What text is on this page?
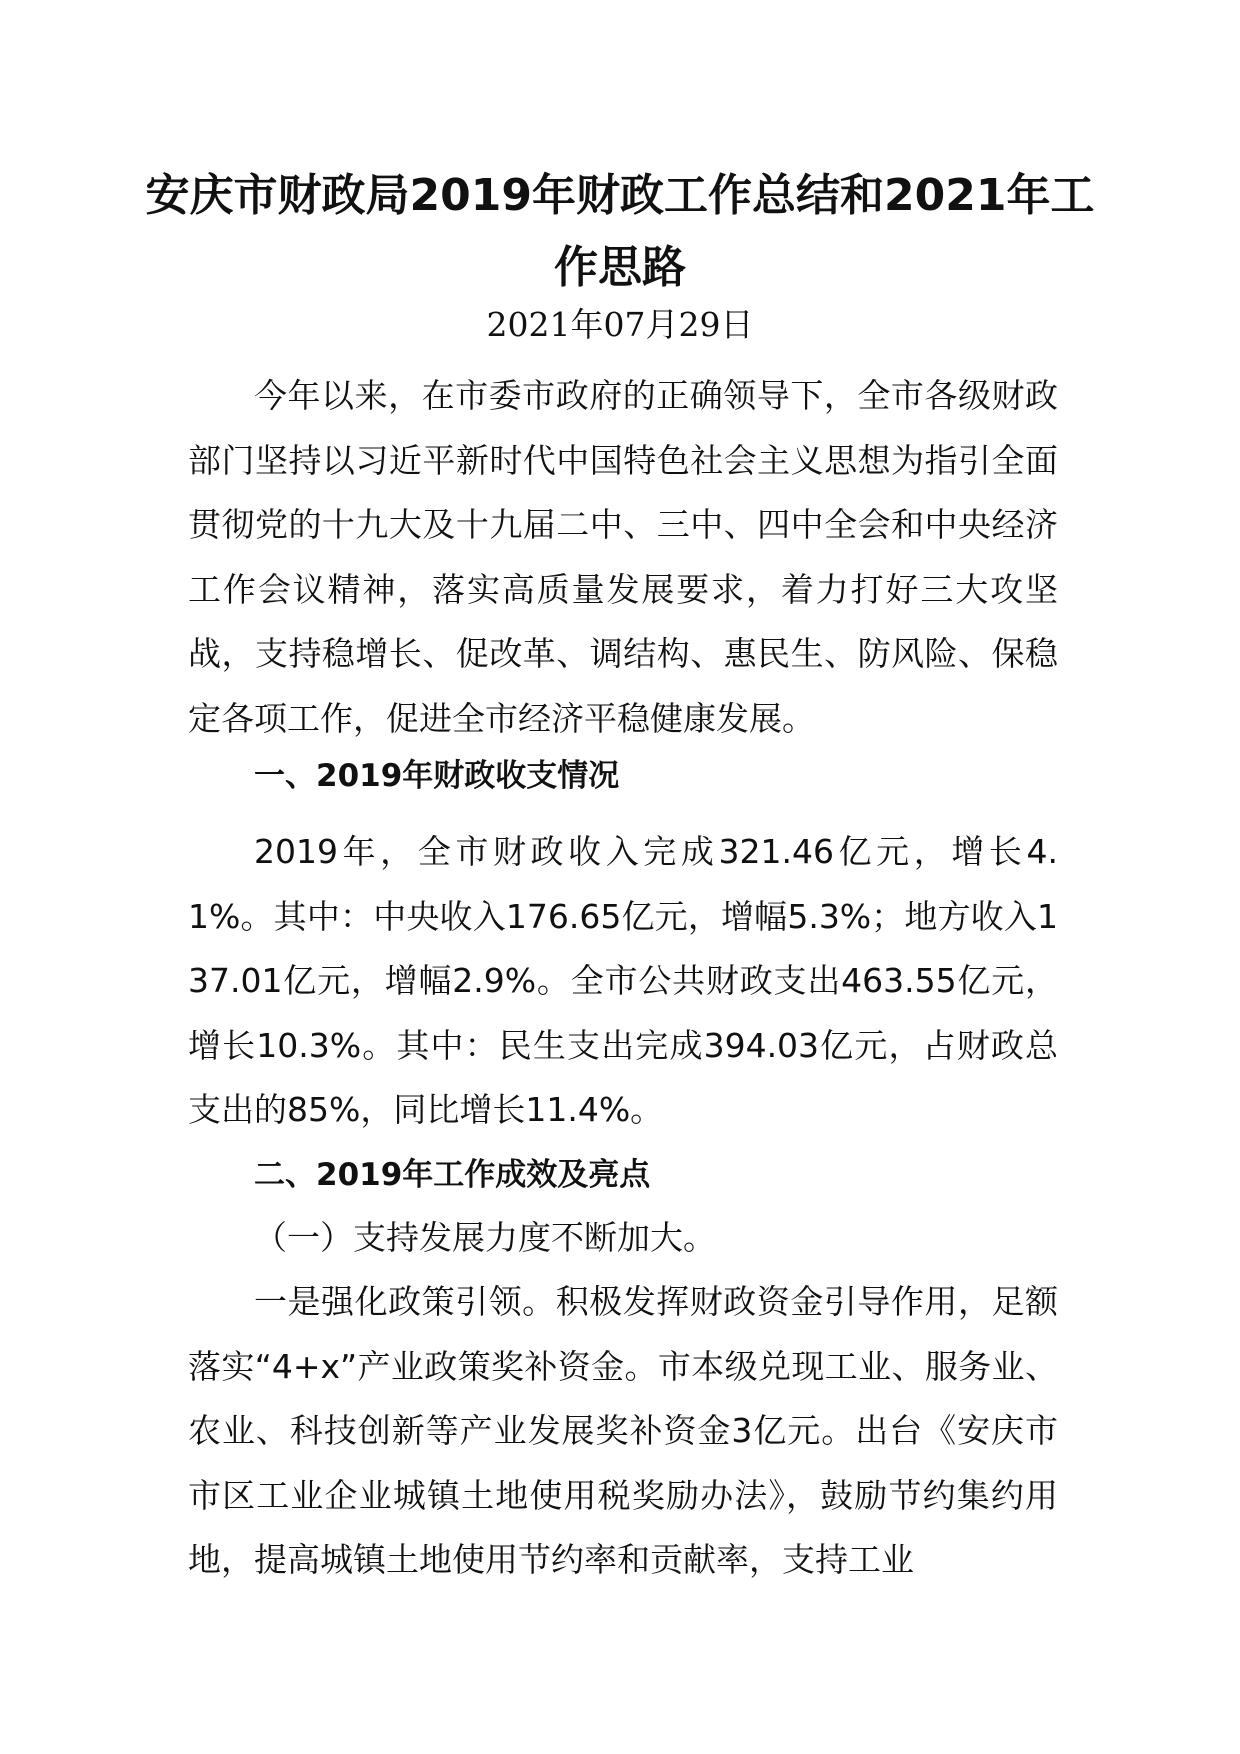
安庆市财政局2019年财政工作总结和2021年工作思路
2021年07月29日

今年以来，在市委市政府的正确领导下，全市各级财政部门坚持以习近平新时代中国特色社会主义思想为指引全面贯彻党的十九大及十九届二中、三中、四中全会和中央经济工作会议精神，落实高质量发展要求，着力打好三大攻坚战，支持稳增长、促改革、调结构、惠民生、防风险、保稳定各项工作，促进全市经济平稳健康发展。

一、2019年财政收支情况

2019年，全市财政收入完成321.46亿元，增长4.1%。其中：中央收入176.65亿元，增幅5.3%；地方收入137.01亿元，增幅2.9%。全市公共财政支出463.55亿元，增长10.3%。其中：民生支出完成394.03亿元，占财政总支出的85%，同比增长11.4%。

二、2019年工作成效及亮点

（一）支持发展力度不断加大。

一是强化政策引领。积极发挥财政资金引导作用，足额落实“4+x”产业政策奖补资金。市本级兑现工业、服务业、农业、科技创新等产业发展奖补资金3亿元。出台《安庆市市区工业企业城镇土地使用税奖励办法》，鼓励节约集约用地，提高城镇土地使用节约率和贡献率，支持工业
